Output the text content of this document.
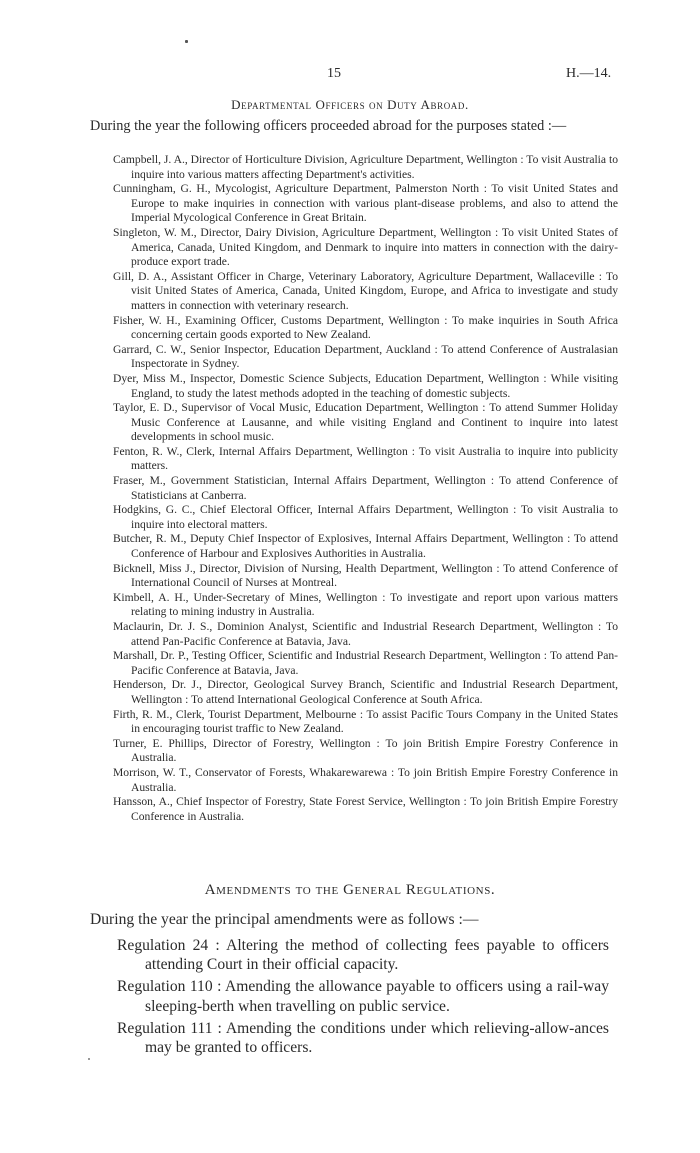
15	H.—14.
Departmental Officers on Duty Abroad.

During the year the following officers proceeded abroad for the purposes stated :—

Campbell, J. A., Director of Horticulture Division, Agriculture Department, Wellington : To visit Australia to inquire into various matters affecting Department's activities.

Cunningham, G. H., Mycologist, Agriculture Department, Palmerston North : To visit United States and Europe to make inquiries in connection with various plant-disease problems, and also to attend the Imperial Mycological Conference in Great Britain.

Singleton, W. M., Director, Dairy Division, Agriculture Department, Wellington : To visit United States of America, Canada, United Kingdom, and Denmark to inquire into matters in connection with the dairy-produce export trade.

Gill, D. A., Assistant Officer in Charge, Veterinary Laboratory, Agriculture Department, Wallaceville : To visit United States of America, Canada, United Kingdom, Europe, and Africa to investigate and study matters in connection with veterinary research.

Fisher, W. H., Examining Officer, Customs Department, Wellington : To make inquiries in South Africa concerning certain goods exported to New Zealand.

Garrard, C. W., Senior Inspector, Education Department, Auckland : To attend Conference of Australasian Inspectorate in Sydney.

Dyer, Miss M., Inspector, Domestic Science Subjects, Education Department, Wellington : While visiting England, to study the latest methods adopted in the teaching of domestic subjects.

Taylor, E. D., Supervisor of Vocal Music, Education Department, Wellington : To attend Summer Holiday Music Conference at Lausanne, and while visiting England and Continent to inquire into latest developments in school music.

Fenton, R. W., Clerk, Internal Affairs Department, Wellington : To visit Australia to inquire into publicity matters.

Fraser, M., Government Statistician, Internal Affairs Department, Wellington : To attend Conference of Statisticians at Canberra.

Hodgkins, G. C., Chief Electoral Officer, Internal Affairs Department, Wellington : To visit Australia to inquire into electoral matters.

Butcher, R. M., Deputy Chief Inspector of Explosives, Internal Affairs Department, Wellington : To attend Conference of Harbour and Explosives Authorities in Australia.

Bicknell, Miss J., Director, Division of Nursing, Health Department, Wellington : To attend Conference of International Council of Nurses at Montreal.

Kimbell, A. H., Under-Secretary of Mines, Wellington : To investigate and report upon various matters relating to mining industry in Australia.

Maclaurin, Dr. J. S., Dominion Analyst, Scientific and Industrial Research Department, Wellington : To attend Pan-Pacific Conference at Batavia, Java.

Marshall, Dr. P., Testing Officer, Scientific and Industrial Research Department, Wellington : To attend Pan-Pacific Conference at Batavia, Java.

Henderson, Dr. J., Director, Geological Survey Branch, Scientific and Industrial Research Department, Wellington : To attend International Geological Conference at South Africa.

Firth, R. M., Clerk, Tourist Department, Melbourne : To assist Pacific Tours Company in the United States in encouraging tourist traffic to New Zealand.

Turner, E. Phillips, Director of Forestry, Wellington : To join British Empire Forestry Conference in Australia.

Morrison, W. T., Conservator of Forests, Whakarewarewa : To join British Empire Forestry Conference in Australia.

Hansson, A., Chief Inspector of Forestry, State Forest Service, Wellington : To join British Empire Forestry Conference in Australia.

Amendments to the General Regulations.

During the year the principal amendments were as follows :—

Regulation 24 : Altering the method of collecting fees payable to officers attending Court in their official capacity.

Regulation 110 : Amending the allowance payable to officers using a rail-way sleeping-berth when travelling on public service.

Regulation 111 : Amending the conditions under which relieving-allow-ances may be granted to officers.
